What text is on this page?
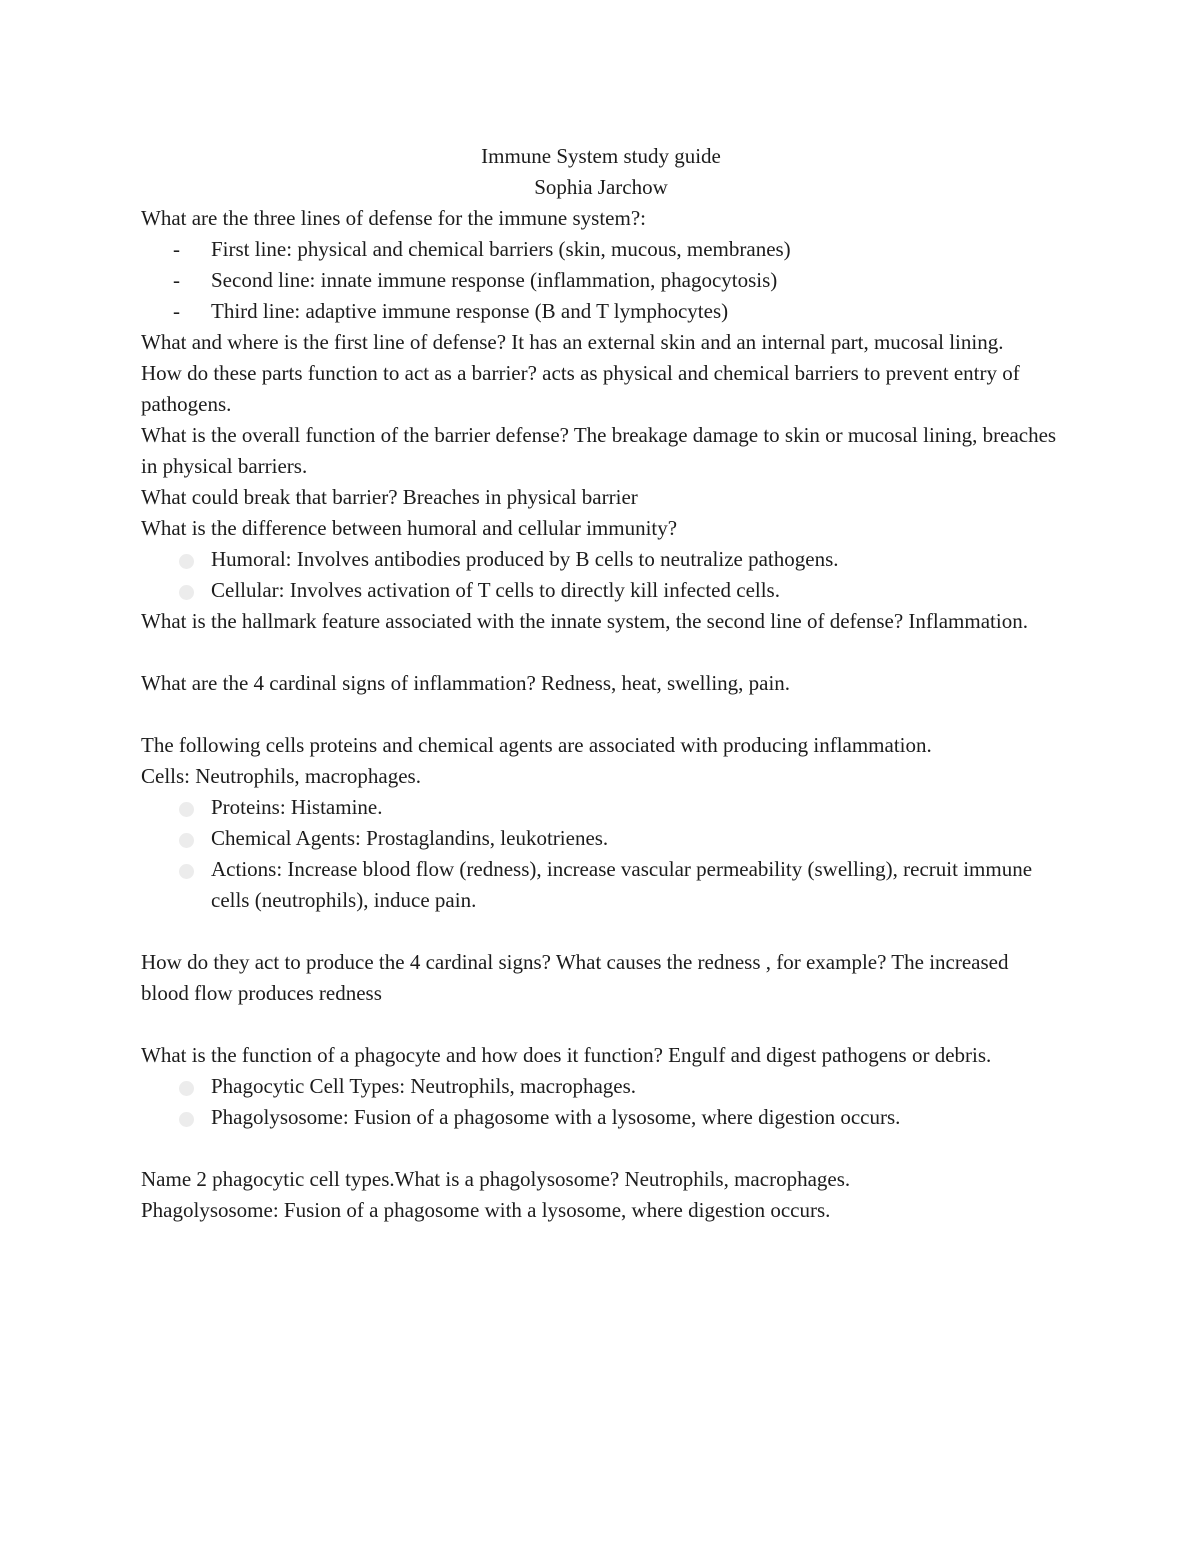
Immune System study guide
Sophia Jarchow
What are the three lines of defense for the immune system?:
- First line: physical and chemical barriers (skin, mucous, membranes)
- Second line: innate immune response (inflammation, phagocytosis)
- Third line: adaptive immune response (B and T lymphocytes)
What and where is the first line of defense? It has an external skin and an internal part, mucosal lining.
How do these parts function to act as a barrier? acts as physical and chemical barriers to prevent entry of pathogens.
What is the overall function of the barrier defense? The breakage damage to skin or mucosal lining, breaches in physical barriers.
What could break that barrier? Breaches in physical barrier
What is the difference between humoral and cellular immunity?
Humoral: Involves antibodies produced by B cells to neutralize pathogens.
Cellular: Involves activation of T cells to directly kill infected cells.
What is the hallmark feature associated with the innate system, the second line of defense? Inflammation.
What are the 4 cardinal signs of inflammation? Redness, heat, swelling, pain.
The following cells proteins and chemical agents are associated with producing inflammation.
Cells: Neutrophils, macrophages.
Proteins: Histamine.
Chemical Agents: Prostaglandins, leukotrienes.
Actions: Increase blood flow (redness), increase vascular permeability (swelling), recruit immune cells (neutrophils), induce pain.
How do they act to produce the 4 cardinal signs? What causes the redness , for example? The increased blood flow produces redness
What is the function of a phagocyte and how does it function? Engulf and digest pathogens or debris.
Phagocytic Cell Types: Neutrophils, macrophages.
Phagolysosome: Fusion of a phagosome with a lysosome, where digestion occurs.
Name 2 phagocytic cell types.What is a phagolysosome? Neutrophils, macrophages.
Phagolysosome: Fusion of a phagosome with a lysosome, where digestion occurs.
